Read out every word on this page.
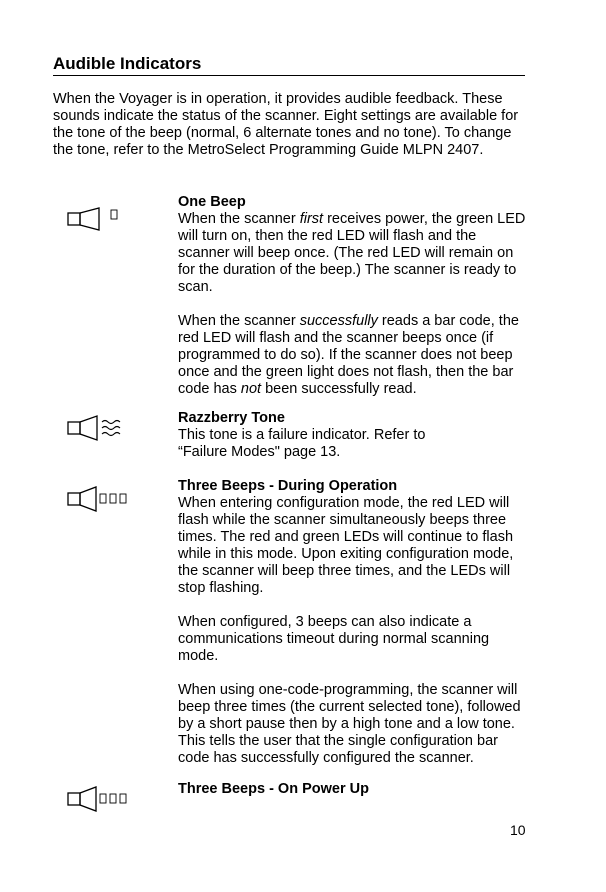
Audible Indicators
When the Voyager is in operation, it provides audible feedback. These sounds indicate the status of the scanner. Eight settings are available for the tone of the beep (normal, 6 alternate tones and no tone). To change the tone, refer to the MetroSelect Programming Guide MLPN 2407.

One Beep

When the scanner first receives power, the green LED will turn on, then the red LED will flash and the scanner will beep once. (The red LED will remain on for the duration of the beep.) The scanner is ready to scan.

When the scanner successfully reads a bar code, the red LED will flash and the scanner beeps once (if programmed to do so). If the scanner does not beep once and the green light does not flash, then the bar code has not been successfully read.

Razzberry Tone

This tone is a failure indicator. Refer to

“Failure Modes" page 13.

Three Beeps - During Operation

When entering configuration mode, the red LED will flash while the scanner simultaneously beeps three times. The red and green LEDs will continue to flash while in this mode. Upon exiting configuration mode, the scanner will beep three times, and the LEDs will stop flashing.

When configured, 3 beeps can also indicate a communications timeout during normal scanning mode.

When using one-code-programming, the scanner will beep three times (the current selected tone), followed by a short pause then by a high tone and a low tone. This tells the user that the single configuration bar code has successfully configured the scanner.

Three Beeps - On Power Up

10
